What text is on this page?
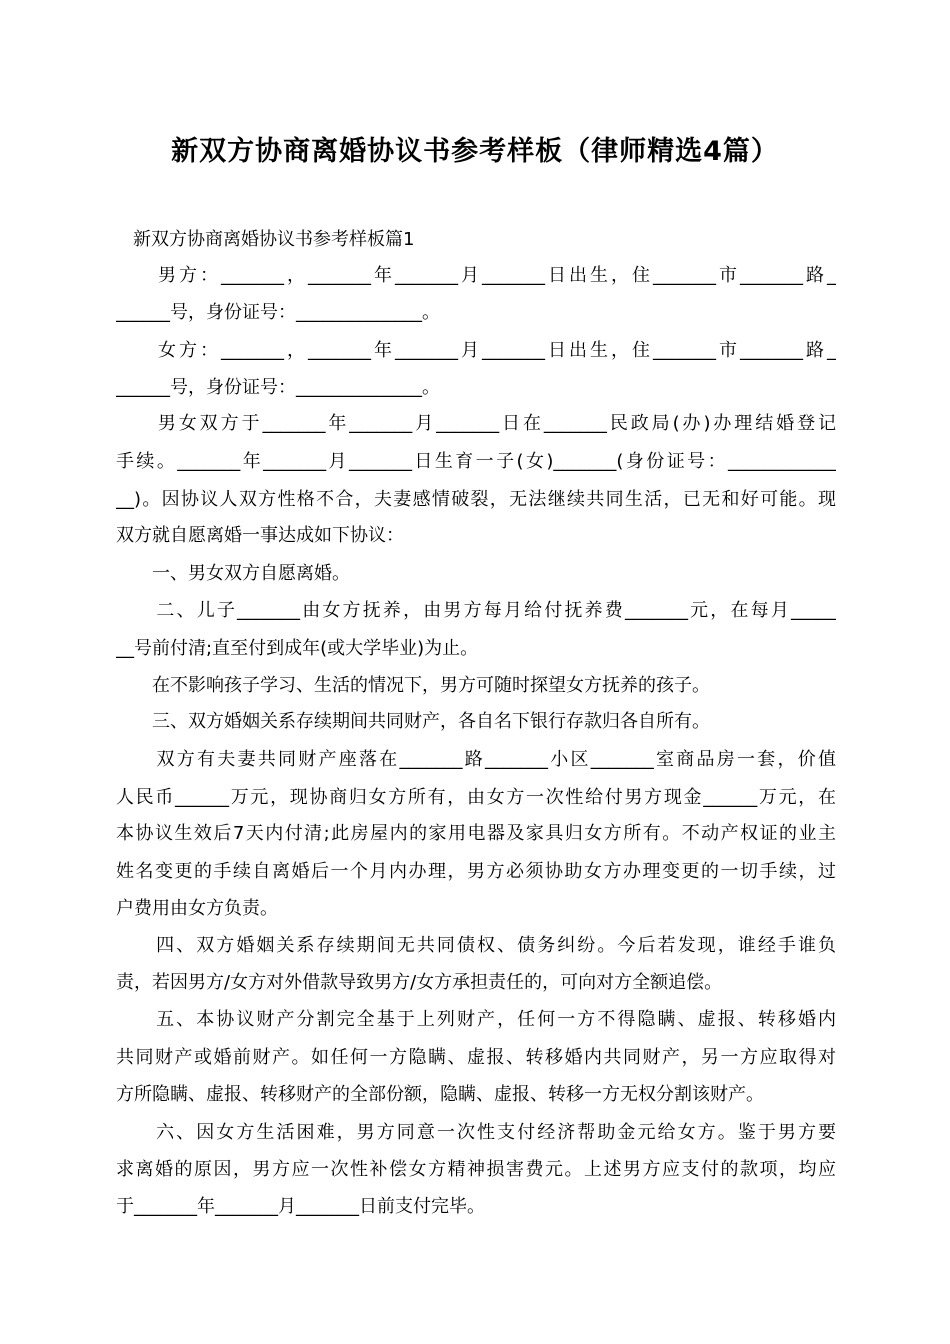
新双方协商离婚协议书参考样板（律师精选4篇）
新双方协商离婚协议书参考样板篇1
　　男方：_______，_______年_______月_______日出生，住_______市_______路_
______号，身份证号：______________。
　　女方：_______，_______年_______月_______日出生，住_______市_______路_
______号，身份证号：______________。
　　男女双方于_______年_______月_______日在_______民政局(办)办理结婚登记
手续。_______年_______月_______日生育一子(女)_______(身份证号：____________
__)。因协议人双方性格不合，夫妻感情破裂，无法继续共同生活，已无和好可能。现
双方就自愿离婚一事达成如下协议：
　　一、男女双方自愿离婚。
　　二、儿子_______由女方抚养，由男方每月给付抚养费_______元，在每月_____
__号前付清;直至付到成年(或大学毕业)为止。
　　在不影响孩子学习、生活的情况下，男方可随时探望女方抚养的孩子。
　　三、双方婚姻关系存续期间共同财产，各自名下银行存款归各自所有。
　　双方有夫妻共同财产座落在_______路_______小区_______室商品房一套，价值
人民币______万元，现协商归女方所有，由女方一次性给付男方现金______万元，在
本协议生效后7天内付清;此房屋内的家用电器及家具归女方所有。不动产权证的业主
姓名变更的手续自离婚后一个月内办理，男方必须协助女方办理变更的一切手续，过
户费用由女方负责。
　　四、双方婚姻关系存续期间无共同债权、债务纠纷。今后若发现，谁经手谁负
责，若因男方/女方对外借款导致男方/女方承担责任的，可向对方全额追偿。
　　五、本协议财产分割完全基于上列财产，任何一方不得隐瞒、虚报、转移婚内
共同财产或婚前财产。如任何一方隐瞒、虚报、转移婚内共同财产，另一方应取得对
方所隐瞒、虚报、转移财产的全部份额，隐瞒、虚报、转移一方无权分割该财产。
　　六、因女方生活困难，男方同意一次性支付经济帮助金元给女方。鉴于男方要
求离婚的原因，男方应一次性补偿女方精神损害费元。上述男方应支付的款项，均应
于_______年_______月_______日前支付完毕。
